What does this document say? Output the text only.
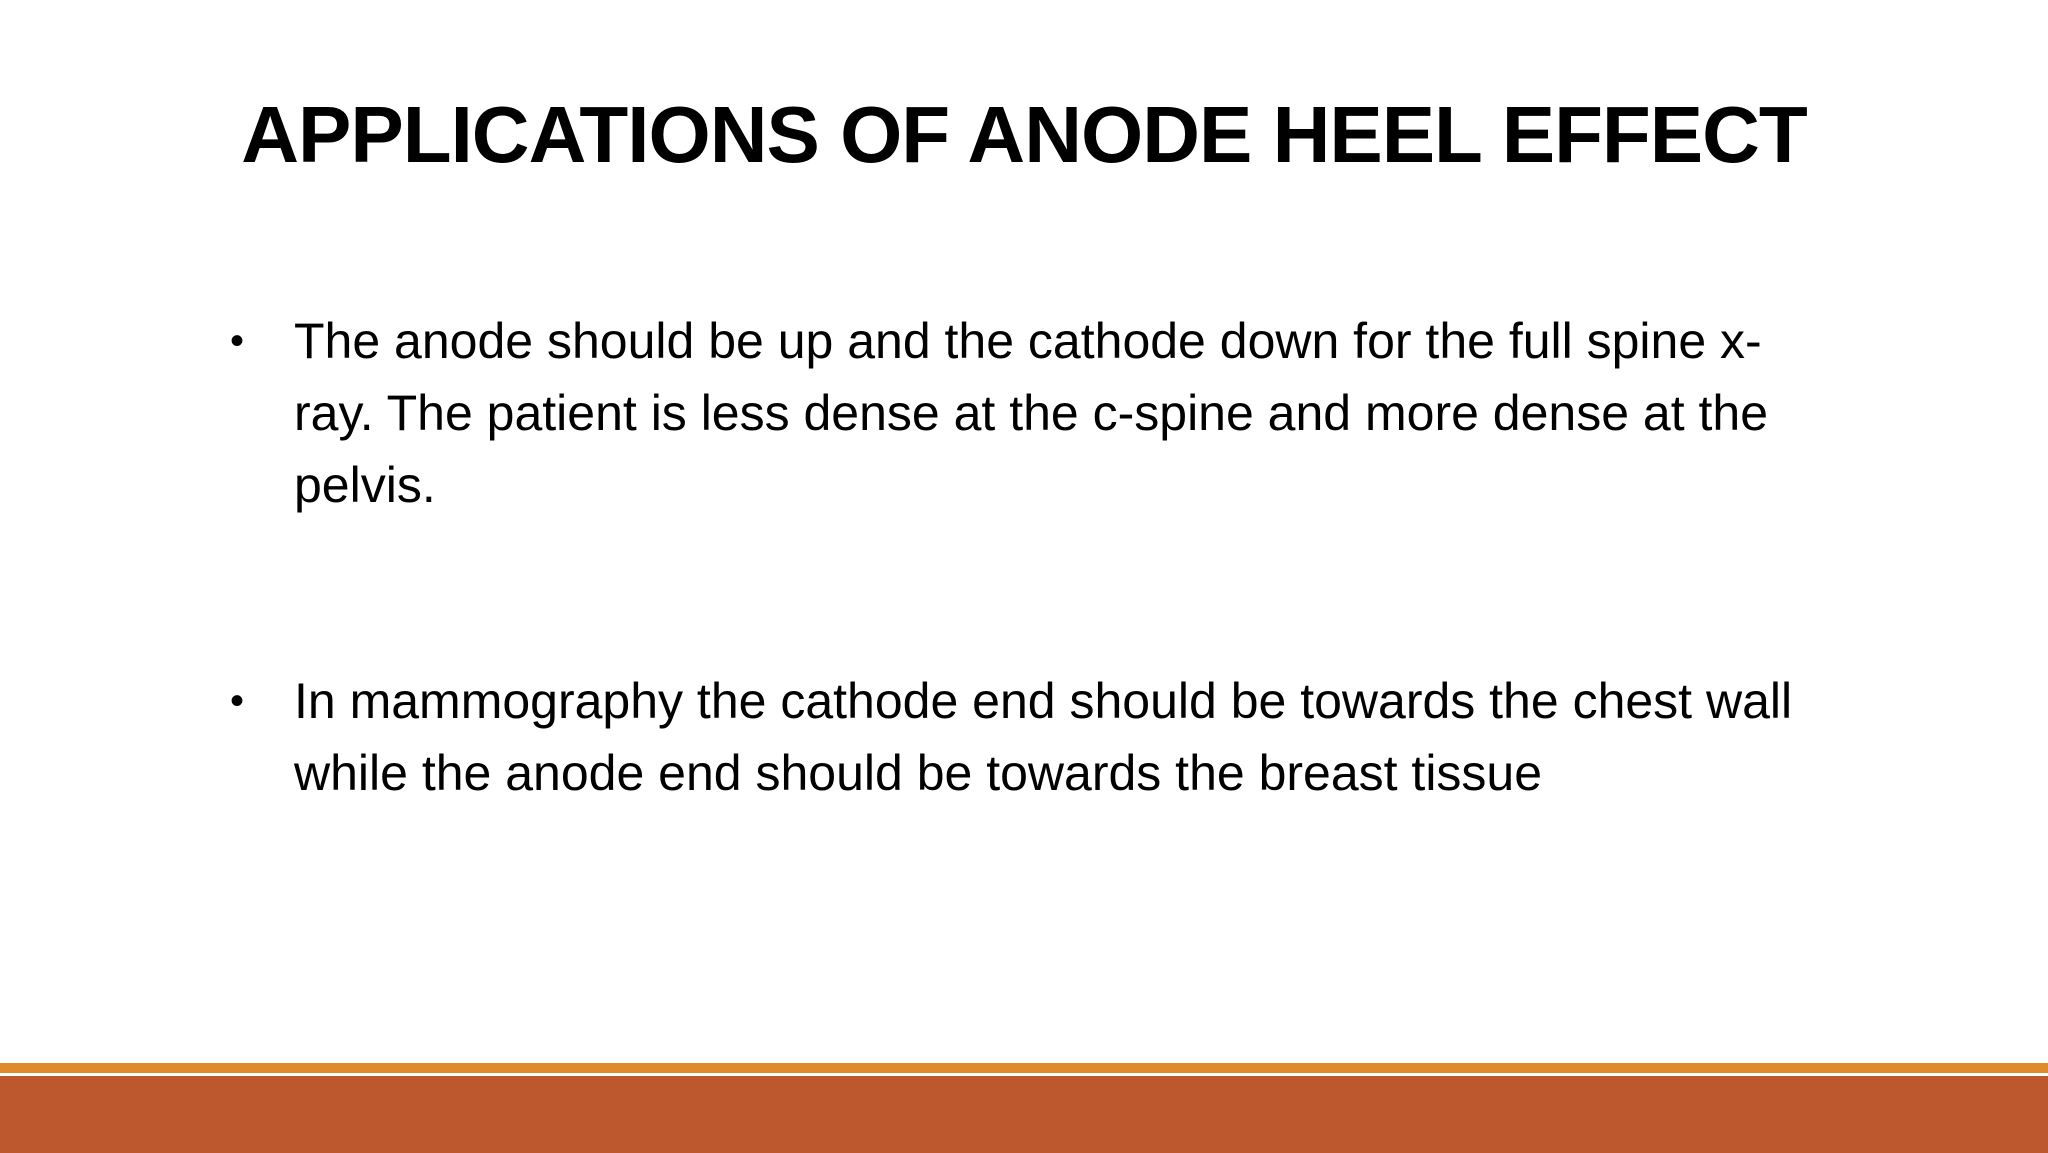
APPLICATIONS OF ANODE HEEL EFFECT
• The anode should be up and the cathode down for the full spine x-ray. The patient is less dense at the c-spine and more dense at the pelvis.
• In mammography the cathode end should be towards the chest wall while the anode end should be towards the breast tissue
